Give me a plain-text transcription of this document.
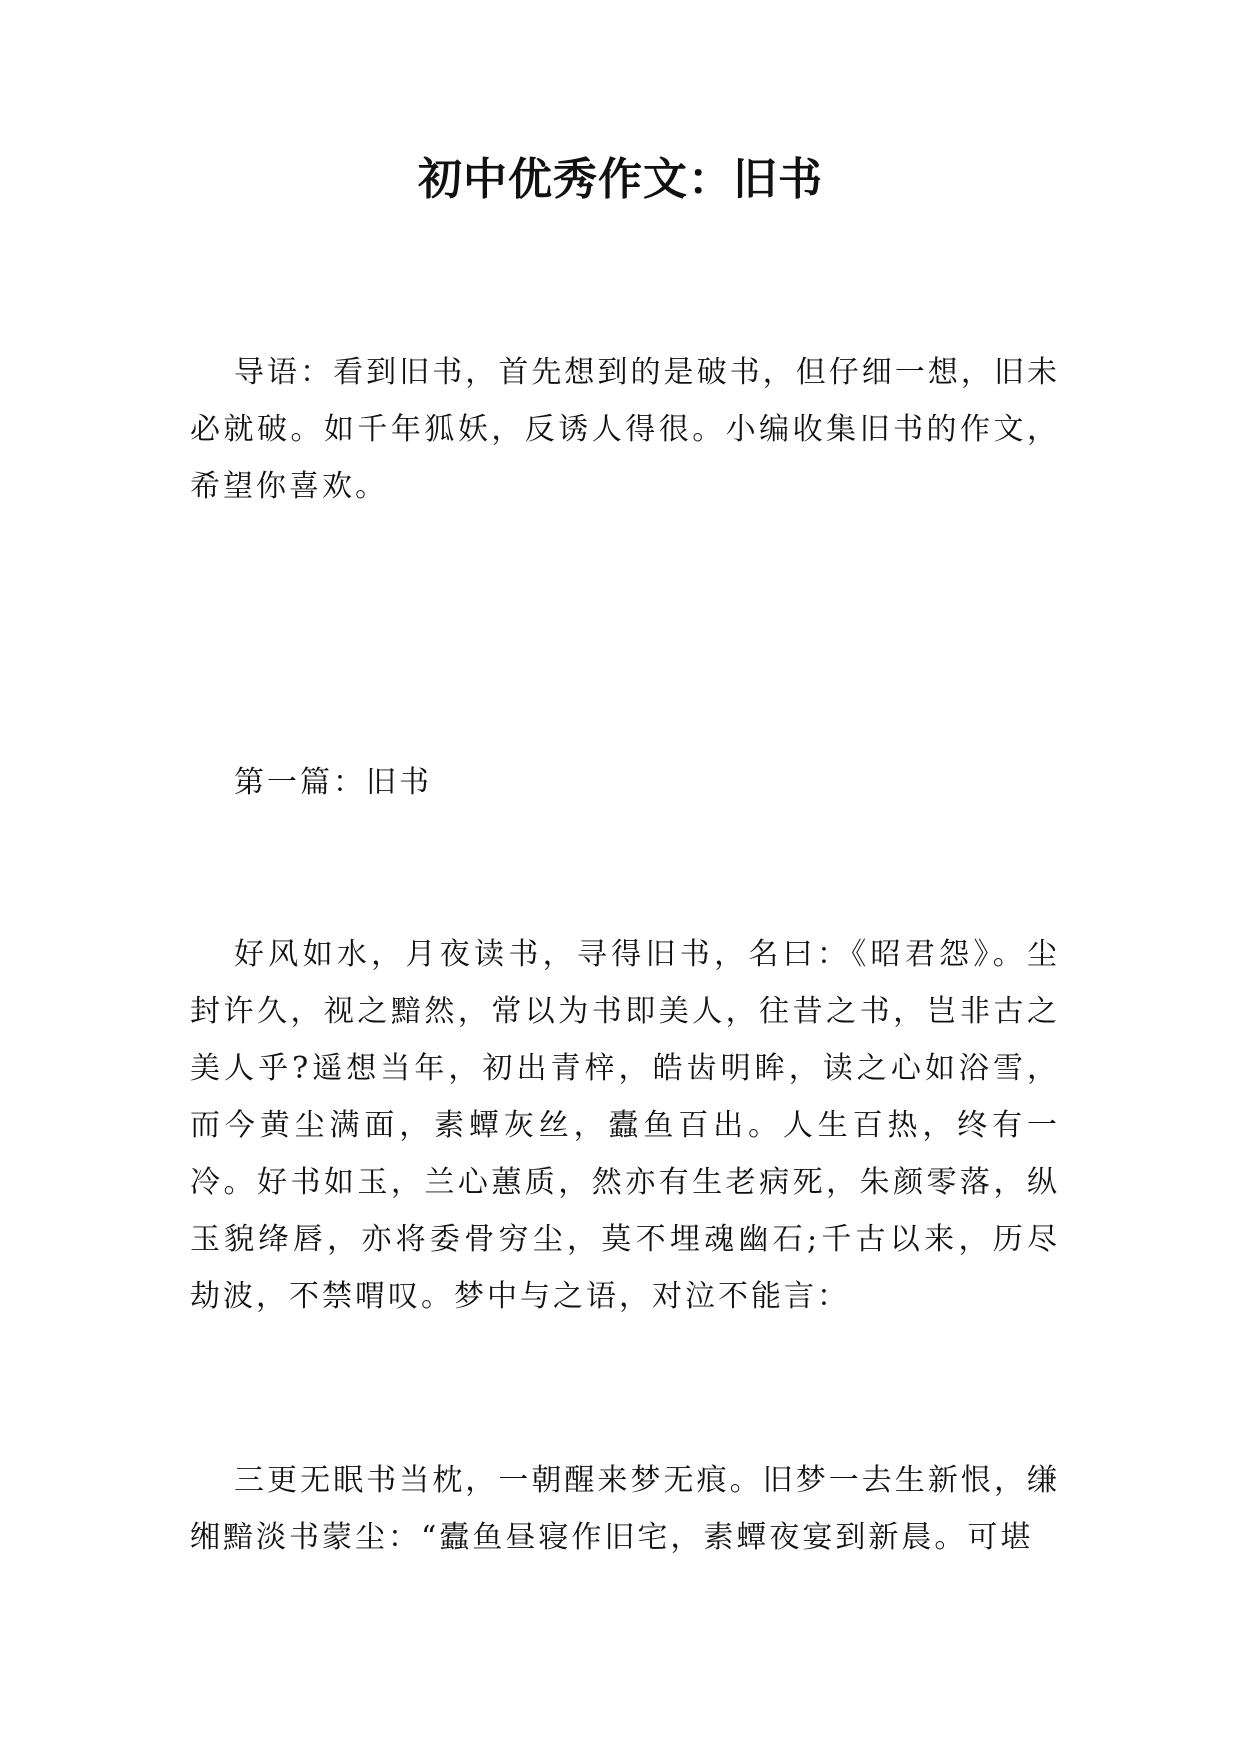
初中优秀作文：旧书

导语：看到旧书，首先想到的是破书，但仔细一想，旧未必就破。如千年狐妖，反诱人得很。小编收集旧书的作文，希望你喜欢。

第一篇：旧书

好风如水，月夜读书，寻得旧书，名曰：《昭君怨》。尘封许久，视之黯然，常以为书即美人，往昔之书，岂非古之美人乎?遥想当年，初出青梓，皓齿明眸，读之心如浴雪，而今黄尘满面，素蟫灰丝，蠹鱼百出。人生百热，终有一冷。好书如玉，兰心蕙质，然亦有生老病死，朱颜零落，纵玉貌绛唇，亦将委骨穷尘，莫不埋魂幽石;千古以来，历尽劫波，不禁喟叹。梦中与之语，对泣不能言：

三更无眠书当枕，一朝醒来梦无痕。旧梦一去生新恨，缣缃黯淡书蒙尘：“蠹鱼昼寝作旧宅，素蟫夜宴到新晨。可堪
